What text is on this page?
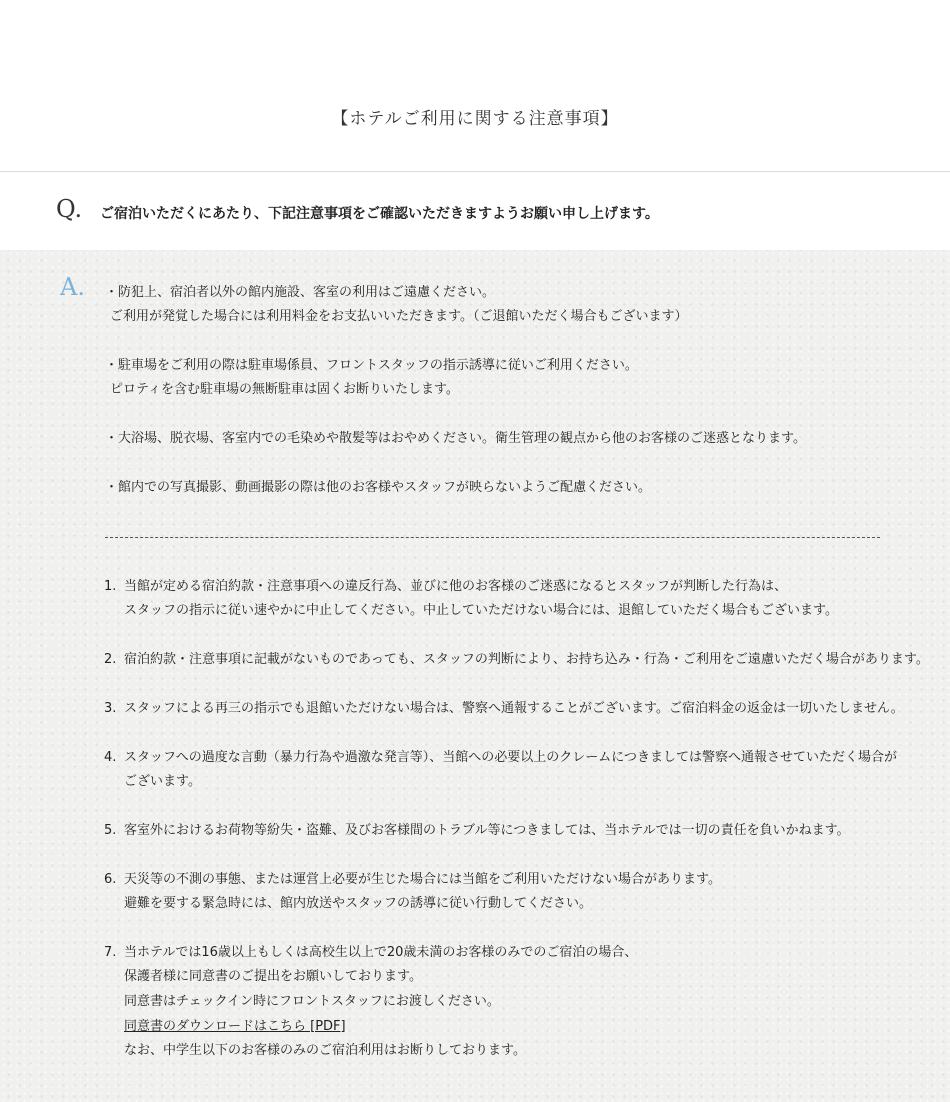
【ホテルご利用に関する注意事項】
Q. ご宿泊いただくにあたり、下記注意事項をご確認いただきますようお願い申し上げます。
A. ・防犯上、宿泊者以外の館内施設、客室の利用はご遠慮ください。
ご利用が発覚した場合には利用料金をお支払いいただきます。（ご退館いただく場合もございます）
・駐車場をご利用の際は駐車場係員、フロントスタッフの指示誘導に従いご利用ください。
ピロティを含む駐車場の無断駐車は固くお断りいたします。
・大浴場、脱衣場、客室内での毛染めや散髪等はおやめください。衛生管理の観点から他のお客様のご迷惑となります。
・館内での写真撮影、動画撮影の際は他のお客様やスタッフが映らないようご配慮ください。
1. 当館が定める宿泊約款・注意事項への違反行為、並びに他のお客様のご迷惑になるとスタッフが判断した行為は、
スタッフの指示に従い速やかに中止してください。中止していただけない場合には、退館していただく場合もございます。
2. 宿泊約款・注意事項に記載がないものであっても、スタッフの判断により、お持ち込み・行為・ご利用をご遠慮いただく場合があります。
3. スタッフによる再三の指示でも退館いただけない場合は、警察へ通報することがございます。ご宿泊料金の返金は一切いたしません。
4. スタッフへの過度な言動（暴力行為や過激な発言等）、当館への必要以上のクレームにつきましては警察へ通報させていただく場合が
ございます。
5. 客室外におけるお荷物等紛失・盗難、及びお客様間のトラブル等につきましては、当ホテルでは一切の責任を負いかねます。
6. 天災等の不測の事態、または運営上必要が生じた場合には当館をご利用いただけない場合があります。
避難を要する緊急時には、館内放送やスタッフの誘導に従い行動してください。
7. 当ホテルでは16歳以上もしくは高校生以上で20歳未満のお客様のみでのご宿泊の場合、
保護者様に同意書のご提出をお願いしております。
同意書はチェックイン時にフロントスタッフにお渡しください。
同意書のダウンロードはこちら [PDF]
なお、中学生以下のお客様のみのご宿泊利用はお断りしております。
